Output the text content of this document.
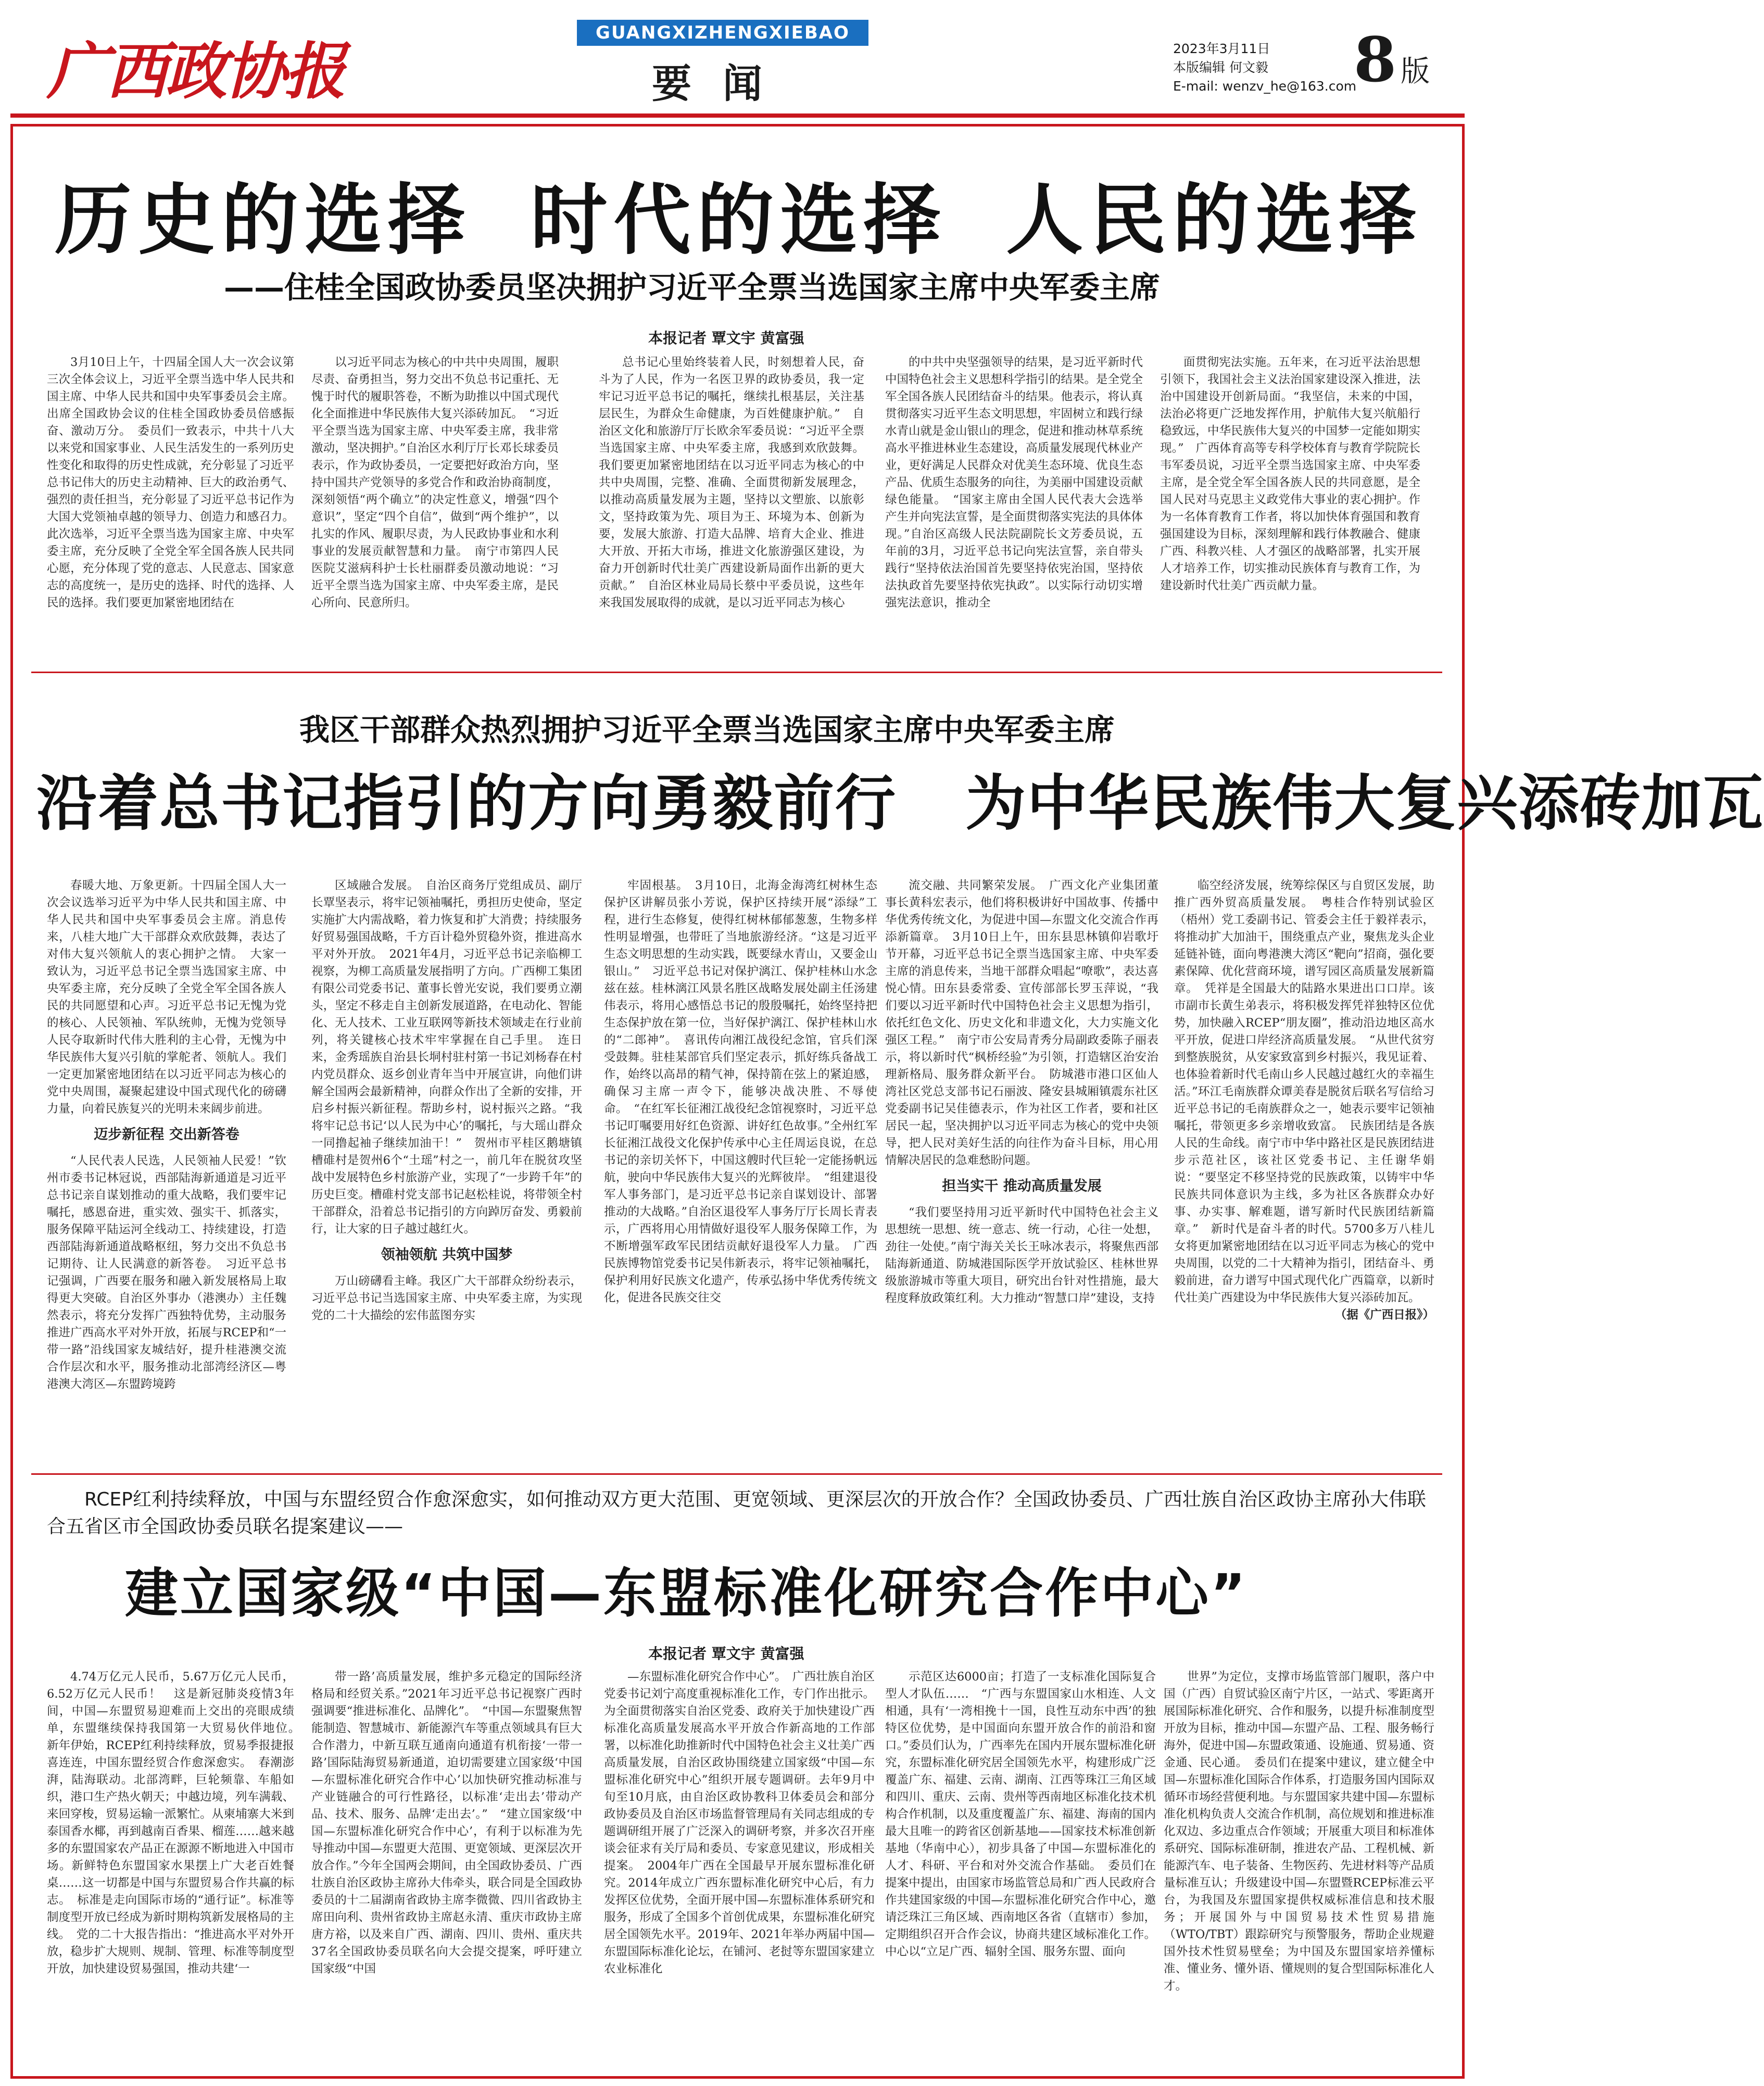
广西政协报
GUANGXIZHENGXIEBAO
要闻
2023年3月11日
本版编辑 何文毅
E-mail: wenzv_he@163.com
8 版
历史的选择 时代的选择 人民的选择
——住桂全国政协委员坚决拥护习近平全票当选国家主席中央军委主席
本报记者 覃文宇 黄富强

3月10日上午，十四届全国人大一次会议第三次全体会议上，习近平全票当选中华人民共和国主席、中华人民共和国中央军事委员会主席。出席全国政协会议的住桂全国政协委员倍感振奋、激动万分。　委员们一致表示，中共十八大以来党和国家事业、人民生活发生的一系列历史性变化和取得的历史性成就，充分彰显了习近平总书记伟大的历史主动精神、巨大的政治勇气、强烈的责任担当，充分彰显了习近平总书记作为大国大党领袖卓越的领导力、创造力和感召力。此次选举，习近平全票当选为国家主席、中央军委主席，充分反映了全党全军全国各族人民共同心愿，充分体现了党的意志、人民意志、国家意志的高度统一，是历史的选择、时代的选择、人民的选择。我们要更加紧密地团结在

以习近平同志为核心的中共中央周围，履职尽责、奋勇担当，努力交出不负总书记重托、无愧于时代的履职答卷，不断为助推以中国式现代化全面推进中华民族伟大复兴添砖加瓦。　“习近平全票当选为国家主席、中央军委主席，我非常激动，坚决拥护。”自治区水利厅厅长邓长球委员表示，作为政协委员，一定要把好政治方向，坚持中国共产党领导的多党合作和政治协商制度，深刻领悟“两个确立”的决定性意义，增强“四个意识”，坚定“四个自信”，做到“两个维护”，以扎实的作风、履职尽责，为人民政协事业和水利事业的发展贡献智慧和力量。　南宁市第四人民医院艾滋病科护士长杜丽群委员激动地说：“习近平全票当选为国家主席、中央军委主席，是民心所向、民意所归。

总书记心里始终装着人民，时刻想着人民，奋斗为了人民，作为一名医卫界的政协委员，我一定牢记习近平总书记的嘱托，继续扎根基层，关注基层民生，为群众生命健康，为百姓健康护航。”　自治区文化和旅游厅厅长欧余军委员说：“习近平全票当选国家主席、中央军委主席，我感到欢欣鼓舞。我们要更加紧密地团结在以习近平同志为核心的中共中央周围，完整、准确、全面贯彻新发展理念，以推动高质量发展为主题，坚持以文塑旅、以旅彰文，坚持政策为先、项目为王、环境为本、创新为要，发展大旅游、打造大品牌、培育大企业、推进大开放、开拓大市场，推进文化旅游强区建设，为奋力开创新时代壮美广西建设新局面作出新的更大贡献。”　自治区林业局局长蔡中平委员说，这些年来我国发展取得的成就，是以习近平同志为核心

的中共中央坚强领导的结果，是习近平新时代中国特色社会主义思想科学指引的结果。是全党全军全国各族人民团结奋斗的结果。他表示，将认真贯彻落实习近平生态文明思想，牢固树立和践行绿水青山就是金山银山的理念，促进和推动林草系统高水平推进林业生态建设，高质量发展现代林业产业，更好满足人民群众对优美生态环境、优良生态产品、优质生态服务的向往，为美丽中国建设贡献绿色能量。　“国家主席由全国人民代表大会选举产生并向宪法宣誓，是全面贯彻落实宪法的具体体现。”自治区高级人民法院副院长文芳委员说，五年前的3月，习近平总书记向宪法宣誓，亲自带头践行“坚持依法治国首先要坚持依宪治国，坚持依法执政首先要坚持依宪执政”。以实际行动切实增强宪法意识，推动全

面贯彻宪法实施。五年来，在习近平法治思想引领下，我国社会主义法治国家建设深入推进，法治中国建设开创新局面。“我坚信，未来的中国，法治必将更广泛地发挥作用，护航伟大复兴航船行稳致远，中华民族伟大复兴的中国梦一定能如期实现。”　广西体育高等专科学校体育与教育学院院长韦军委员说，习近平全票当选国家主席、中央军委主席，是全党全军全国各族人民的共同意愿，是全国人民对马克思主义政党伟大事业的衷心拥护。作为一名体育教育工作者，将以加快体育强国和教育强国建设为目标，深刻理解和践行体教融合、健康广西、科教兴桂、人才强区的战略部署，扎实开展人才培养工作，切实推动民族体育与教育工作，为建设新时代壮美广西贡献力量。

我区干部群众热烈拥护习近平全票当选国家主席中央军委主席
沿着总书记指引的方向勇毅前行 为中华民族伟大复兴添砖加瓦

春暖大地、万象更新。十四届全国人大一次会议选举习近平为中华人民共和国主席、中华人民共和国中央军事委员会主席。消息传来，八桂大地广大干部群众欢欣鼓舞，表达了对伟大复兴领航人的衷心拥护之情。　大家一致认为，习近平总书记全票当选国家主席、中央军委主席，充分反映了全党全军全国各族人民的共同愿望和心声。习近平总书记无愧为党的核心、人民领袖、军队统帅，无愧为党领导人民夺取新时代伟大胜利的主心骨，无愧为中华民族伟大复兴引航的掌舵者、领航人。我们一定更加紧密地团结在以习近平同志为核心的党中央周围，凝聚起建设中国式现代化的磅礴力量，向着民族复兴的光明未来阔步前进。

迈步新征程 交出新答卷

“人民代表人民选，人民领袖人民爱！”钦州市委书记林冠说，西部陆海新通道是习近平总书记亲自谋划推动的重大战略，我们要牢记嘱托，感恩奋进，重实效、强实干、抓落实，服务保障平陆运河全线动工、持续建设，打造西部陆海新通道战略枢纽，努力交出不负总书记期待、让人民满意的新答卷。　习近平总书记强调，广西要在服务和融入新发展格局上取得更大突破。自治区外事办（港澳办）主任魏然表示，将充分发挥广西独特优势，主动服务推进广西高水平对外开放，拓展与RCEP和“一带一路”沿线国家友城结好，提升桂港澳交流合作层次和水平，服务推动北部湾经济区—粤港澳大湾区—东盟跨境跨

区域融合发展。　自治区商务厅党组成员、副厅长覃坚表示，将牢记领袖嘱托，勇担历史使命，坚定实施扩大内需战略，着力恢复和扩大消费；持续服务好贸易强国战略，千方百计稳外贸稳外资，推进高水平对外开放。　2021年4月，习近平总书记亲临柳工视察，为柳工高质量发展指明了方向。广西柳工集团有限公司党委书记、董事长曾光安说，我们要勇立潮头，坚定不移走自主创新发展道路，在电动化、智能化、无人技术、工业互联网等新技术领域走在行业前列，将关键核心技术牢牢掌握在自己手里。　连日来，金秀瑶族自治县长垌村驻村第一书记刘杨春在村内党员群众、返乡创业青年当中开展宣讲，向他们讲解全国两会最新精神，向群众作出了全新的安排，开启乡村振兴新征程。帮助乡村，说村振兴之路。“我将牢记总书记‘以人民为中心’的嘱托，与大瑶山群众一同撸起袖子继续加油干！”　贺州市平桂区鹅塘镇槽碓村是贺州6个“土瑶”村之一，前几年在脱贫攻坚战中发展特色乡村旅游产业，实现了“一步跨千年”的历史巨变。槽碓村党支部书记赵松桂说，将带领全村干部群众，沿着总书记指引的方向踔厉奋发、勇毅前行，让大家的日子越过越红火。

领袖领航 共筑中国梦

万山磅礴看主峰。我区广大干部群众纷纷表示，习近平总书记当选国家主席、中央军委主席，为实现党的二十大描绘的宏伟蓝图夯实

牢固根基。　3月10日，北海金海湾红树林生态保护区讲解员张小芳说，保护区持续开展“添绿”工程，进行生态修复，使得红树林郁郁葱葱，生物多样性明显增强，也带旺了当地旅游经济。“这是习近平生态文明思想的生动实践，既要绿水青山，又要金山银山。”　习近平总书记对保护漓江、保护桂林山水念兹在兹。桂林漓江风景名胜区战略发展处副主任汤建伟表示，将用心感悟总书记的殷殷嘱托，始终坚持把生态保护放在第一位，当好保护漓江、保护桂林山水的“二郎神”。　喜讯传向湘江战役纪念馆，官兵们深受鼓舞。驻桂某部官兵们坚定表示，抓好练兵备战工作，始终以高昂的精气神，保持箭在弦上的紧迫感，确保习主席一声令下，能够决战决胜、不辱使命。　“在红军长征湘江战役纪念馆视察时，习近平总书记叮嘱要用好红色资源、讲好红色故事。”全州红军长征湘江战役文化保护传承中心主任周运良说，在总书记的亲切关怀下，中国这艘时代巨轮一定能扬帆远航，驶向中华民族伟大复兴的光辉彼岸。　“组建退役军人事务部门，是习近平总书记亲自谋划设计、部署推动的大战略。”自治区退役军人事务厅厅长周长青表示，广西将用心用情做好退役军人服务保障工作，为不断增强军政军民团结贡献好退役军人力量。　广西民族博物馆党委书记吴伟新表示，将牢记领袖嘱托，保护利用好民族文化遗产，传承弘扬中华优秀传统文化，促进各民族交往交

流交融、共同繁荣发展。　广西文化产业集团董事长黄科宏表示，他们将积极讲好中国故事、传播中华优秀传统文化，为促进中国—东盟文化交流合作再添新篇章。　3月10日上午，田东县思林镇仰岩歌圩节开幕，习近平总书记全票当选国家主席、中央军委主席的消息传来，当地干部群众唱起“嘹歌”，表达喜悦心情。田东县委常委、宣传部部长罗玉萍说，“我们要以习近平新时代中国特色社会主义思想为指引，依托红色文化、历史文化和非遗文化，大力实施文化强区工程。”　南宁市公安局青秀分局副政委陈子丽表示，将以新时代“枫桥经验”为引领，打造辖区治安治理新格局、服务群众新平台。　防城港市港口区仙人湾社区党总支部书记石丽波、隆安县城厢镇震东社区党委副书记吴佳德表示，作为社区工作者，要和社区居民一起，坚决拥护以习近平同志为核心的党中央领导，把人民对美好生活的向往作为奋斗目标，用心用情解决居民的急难愁盼问题。

担当实干 推动高质量发展

“我们要坚持用习近平新时代中国特色社会主义思想统一思想、统一意志、统一行动，心往一处想，劲往一处使。”南宁海关关长王咏冰表示，将聚焦西部陆海新通道、防城港国际医学开放试验区、桂林世界级旅游城市等重大项目，研究出台针对性措施，最大程度释放政策红利。大力推动“智慧口岸”建设，支持

临空经济发展，统筹综保区与自贸区发展，助推广西外贸高质量发展。　粤桂合作特别试验区（梧州）党工委副书记、管委会主任于毅祥表示，将推动扩大加油干，围绕重点产业，聚焦龙头企业延链补链，面向粤港澳大湾区“靶向”招商，强化要素保障、优化营商环境，谱写园区高质量发展新篇章。　凭祥是全国最大的陆路水果进出口口岸。该市副市长黄生弟表示，将积极发挥凭祥独特区位优势，加快融入RCEP“朋友圈”，推动沿边地区高水平开放，促进口岸经济高质量发展。　“从世代贫穷到整族脱贫，从安家致富到乡村振兴，我见证着、也体验着新时代毛南山乡人民越过越红火的幸福生活。”环江毛南族群众谭美春是脱贫后联名写信给习近平总书记的毛南族群众之一，她表示要牢记领袖嘱托，带领更多乡亲增收致富。　民族团结是各族人民的生命线。南宁市中华中路社区是民族团结进步示范社区，该社区党委书记、主任谢华娟说：“要坚定不移坚持党的民族政策，以铸牢中华民族共同体意识为主线，多为社区各族群众办好事、办实事、解难题，谱写新时代民族团结新篇章。”　新时代是奋斗者的时代。5700多万八桂儿女将更加紧密地团结在以习近平同志为核心的党中央周围，以党的二十大精神为指引，团结奋斗、勇毅前进，奋力谱写中国式现代化广西篇章，以新时代壮美广西建设为中华民族伟大复兴添砖加瓦。

（据《广西日报》）

RCEP红利持续释放，中国与东盟经贸合作愈深愈实，如何推动双方更大范围、更宽领域、更深层次的开放合作？全国政协委员、广西壮族自治区政协主席孙大伟联合五省区市全国政协委员联名提案建议——
建立国家级“中国—东盟标准化研究合作中心”
本报记者 覃文宇 黄富强

4.74万亿元人民币，5.67万亿元人民币，6.52万亿元人民币！　这是新冠肺炎疫情3年间，中国—东盟贸易迎难而上交出的亮眼成绩单，东盟继续保持我国第一大贸易伙伴地位。　新年伊始，RCEP红利持续释放，贸易季报捷报喜连连，中国东盟经贸合作愈深愈实。　春潮澎湃，陆海联动。北部湾畔，巨轮频靠、车船如织，港口生产热火朝天；中越边境，列车满载、来回穿梭，贸易运输一派繁忙。从柬埔寨大米到泰国香水椰，再到越南百香果、榴莲……越来越多的东盟国家农产品正在源源不断地进入中国市场。新鲜特色东盟国家水果摆上广大老百姓餐桌……这一切都是中国与东盟贸易合作共赢的标志。　标准是走向国际市场的“通行证”。标准等制度型开放已经成为新时期构筑新发展格局的主线。　党的二十大报告指出：“推进高水平对外开放，稳步扩大规则、规制、管理、标准等制度型开放，加快建设贸易强国，推动共建‘一

带一路’高质量发展，维护多元稳定的国际经济格局和经贸关系。”2021年习近平总书记视察广西时强调要“推进标准化、品牌化”。　“中国—东盟聚焦智能制造、智慧城市、新能源汽车等重点领域具有巨大合作潜力，中新互联互通南向通道有机衔接‘一带一路’国际陆海贸易新通道，迫切需要建立国家级‘中国—东盟标准化研究合作中心’以加快研究推动标准与产业链融合的可行性路径，以标准‘走出去’带动产品、技术、服务、品牌‘走出去’。”　“建立国家级‘中国—东盟标准化研究合作中心’，有利于以标准为先导推动中国—东盟更大范围、更宽领域、更深层次开放合作。”今年全国两会期间，由全国政协委员、广西壮族自治区政协主席孙大伟牵头，联合同是全国政协委员的十二届湖南省政协主席李微微、四川省政协主席田向利、贵州省政协主席赵永清、重庆市政协主席唐方裕，以及来自广西、湖南、四川、贵州、重庆共37名全国政协委员联名向大会提交提案，呼吁建立国家级“中国

—东盟标准化研究合作中心”。　广西壮族自治区党委书记刘宁高度重视标准化工作，专门作出批示。为全面贯彻落实自治区党委、政府关于加快建设广西标准化高质量发展高水平开放合作新高地的工作部署，以标准化助推新时代中国特色社会主义壮美广西高质量发展，自治区政协围绕建立国家级“中国—东盟标准化研究中心”组织开展专题调研。去年9月中旬至10月底，由自治区政协教科卫体委员会和部分政协委员及自治区市场监督管理局有关同志组成的专题调研组开展了广泛深入的调研考察，并多次召开座谈会征求有关厅局和委员、专家意见建议，形成相关提案。　2004年广西在全国最早开展东盟标准化研究。2014年成立广西东盟标准化研究中心后，有力发挥区位优势，全面开展中国—东盟标准体系研究和服务，形成了全国多个首创优成果，东盟标准化研究居全国领先水平。2019年、2021年举办两届中国—东盟国际标准化论坛，在铺河、老挝等东盟国家建立农业标准化

示范区达6000亩；打造了一支标准化国际复合型人才队伍……　“广西与东盟国家山水相连、人文相通，具有‘一湾相挽十一国，良性互动东中西’的独特区位优势，是中国面向东盟开放合作的前沿和窗口。”委员们认为，广西率先在国内开展东盟标准化研究，东盟标准化研究居全国领先水平，构建形成广泛覆盖广东、福建、云南、湖南、江西等珠江三角区域和四川、重庆、云南、贵州等西南地区标准化技术机构合作机制，以及重度覆盖广东、福建、海南的国内最大且唯一的跨省区创新基地——国家技术标准创新基地（华南中心），初步具备了中国—东盟标准化的人才、科研、平台和对外交流合作基础。　委员们在提案中提出，由国家市场监管总局和广西人民政府合作共建国家级的中国—东盟标准化研究合作中心，邀请泛珠江三角区域、西南地区各省（直辖市）参加，定期组织召开合作会议，协商共建区域标准化工作。中心以“立足广西、辐射全国、服务东盟、面向

世界”为定位，支撑市场监管部门履职，落户中国（广西）自贸试验区南宁片区，一站式、零距离开展国际标准化研究、合作和服务，以提升标准制度型开放为目标，推动中国—东盟产品、工程、服务畅行海外，促进中国—东盟政策通、设施通、贸易通、资金通、民心通。　委员们在提案中建议，建立健全中国—东盟标准化国际合作体系，打造服务国内国际双循环市场经营便利地。与东盟国家共建中国—东盟标准化机构负责人交流合作机制，高位规划和推进标准化双边、多边重点合作领域；开展重大项目和标准体系研究、国际标准研制，推进农产品、工程机械、新能源汽车、电子装备、生物医药、先进材料等产品质量标准互认；升级建设中国—东盟暨RCEP标准云平台，为我国及东盟国家提供权威标准信息和技术服务；开展国外与中国贸易技术性贸易措施（WTO/TBT）跟踪研究与预警服务，帮助企业规避国外技术性贸易壁垒；为中国及东盟国家培养懂标准、懂业务、懂外语、懂规则的复合型国际标准化人才。
